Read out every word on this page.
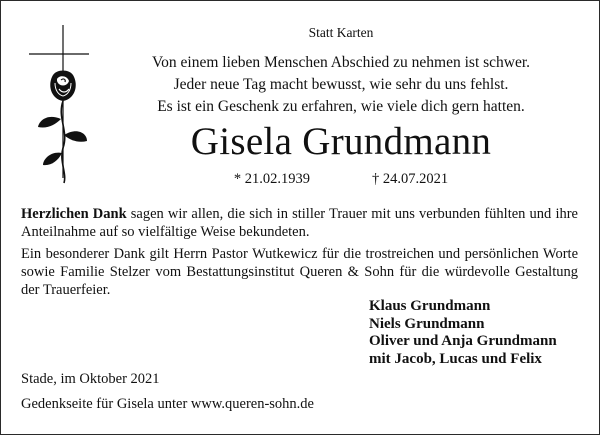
Statt Karten
Von einem lieben Menschen Abschied zu nehmen ist schwer.
Jeder neue Tag macht bewusst, wie sehr du uns fehlst.
Es ist ein Geschenk zu erfahren, wie viele dich gern hatten.
Gisela Grundmann
* 21.02.1939	† 24.07.2021
Herzlichen Dank sagen wir allen, die sich in stiller Trauer mit uns verbunden fühlten und ihre Anteilnahme auf so vielfältige Weise bekundeten.
Ein besonderer Dank gilt Herrn Pastor Wutkewicz für die trostreichen und persönlichen Worte sowie Familie Stelzer vom Bestattungsinstitut Queren & Sohn für die würdevolle Gestaltung der Trauerfeier.
Klaus Grundmann
Niels Grundmann
Oliver und Anja Grundmann
mit Jacob, Lucas und Felix
Stade, im Oktober 2021
Gedenkseite für Gisela unter www.queren-sohn.de
